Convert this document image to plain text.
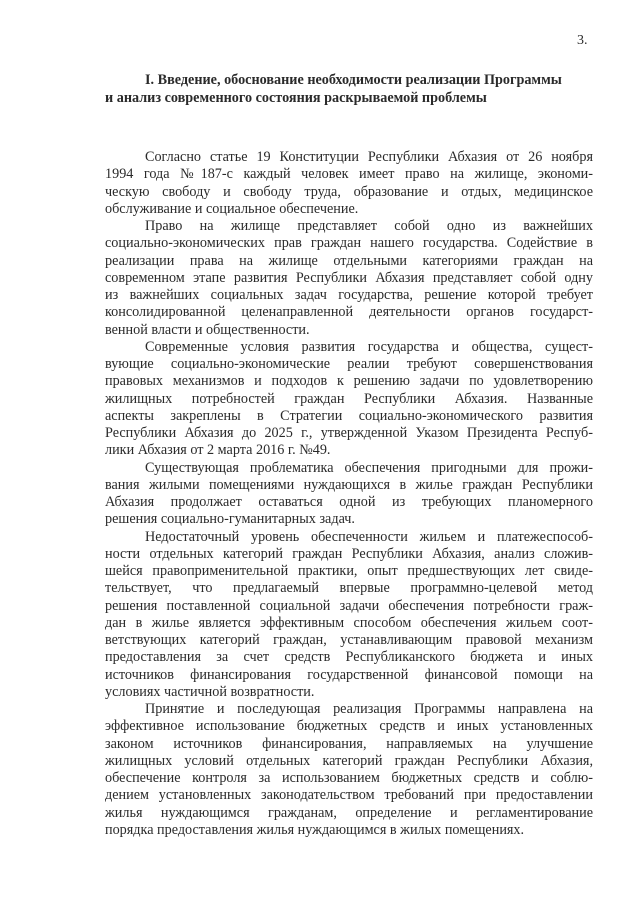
3.
I. Введение, обоснование необходимости реализации Программы
и анализ современного состояния раскрываемой проблемы
Согласно статье 19 Конституции Республики Абхазия от 26 ноября
1994 года №187-с каждый человек имеет право на жилище, экономи-
ческую свободу и свободу труда, образование и отдых, медицинское
обслуживание и социальное обеспечение.
Право на жилище представляет собой одно из важнейших
социально-экономических прав граждан нашего государства. Содействие в
реализации права на жилище отдельными категориями граждан на
современном этапе развития Республики Абхазия представляет собой одну
из важнейших социальных задач государства, решение которой требует
консолидированной целенаправленной деятельности органов государст-
венной власти и общественности.
Современные условия развития государства и общества, сущест-
вующие социально-экономические реалии требуют совершенствования
правовых механизмов и подходов к решению задачи по удовлетворению
жилищных потребностей граждан Республики Абхазия. Названные
аспекты закреплены в Стратегии социально-экономического развития
Республики Абхазия до 2025 г., утвержденной Указом Президента Респуб-
лики Абхазия от 2 марта 2016 г. №49.
Существующая проблематика обеспечения пригодными для прожи-
вания жилыми помещениями нуждающихся в жилье граждан Республики
Абхазия продолжает оставаться одной из требующих планомерного
решения социально-гуманитарных задач.
Недостаточный уровень обеспеченности жильем и платежеспособ-
ности отдельных категорий граждан Республики Абхазия, анализ сложив-
шейся правоприменительной практики, опыт предшествующих лет свиде-
тельствует, что предлагаемый впервые программно-целевой метод
решения поставленной социальной задачи обеспечения потребности граж-
дан в жилье является эффективным способом обеспечения жильем соот-
ветствующих категорий граждан, устанавливающим правовой механизм
предоставления за счет средств Республиканского бюджета и иных
источников финансирования государственной финансовой помощи на
условиях частичной возвратности.
Принятие и последующая реализация Программы направлена на
эффективное использование бюджетных средств и иных установленных
законом источников финансирования, направляемых на улучшение
жилищных условий отдельных категорий граждан Республики Абхазия,
обеспечение контроля за использованием бюджетных средств и соблю-
дением установленных законодательством требований при предоставлении
жилья нуждающимся гражданам, определение и регламентирование
порядка предоставления жилья нуждающимся в жилых помещениях.
